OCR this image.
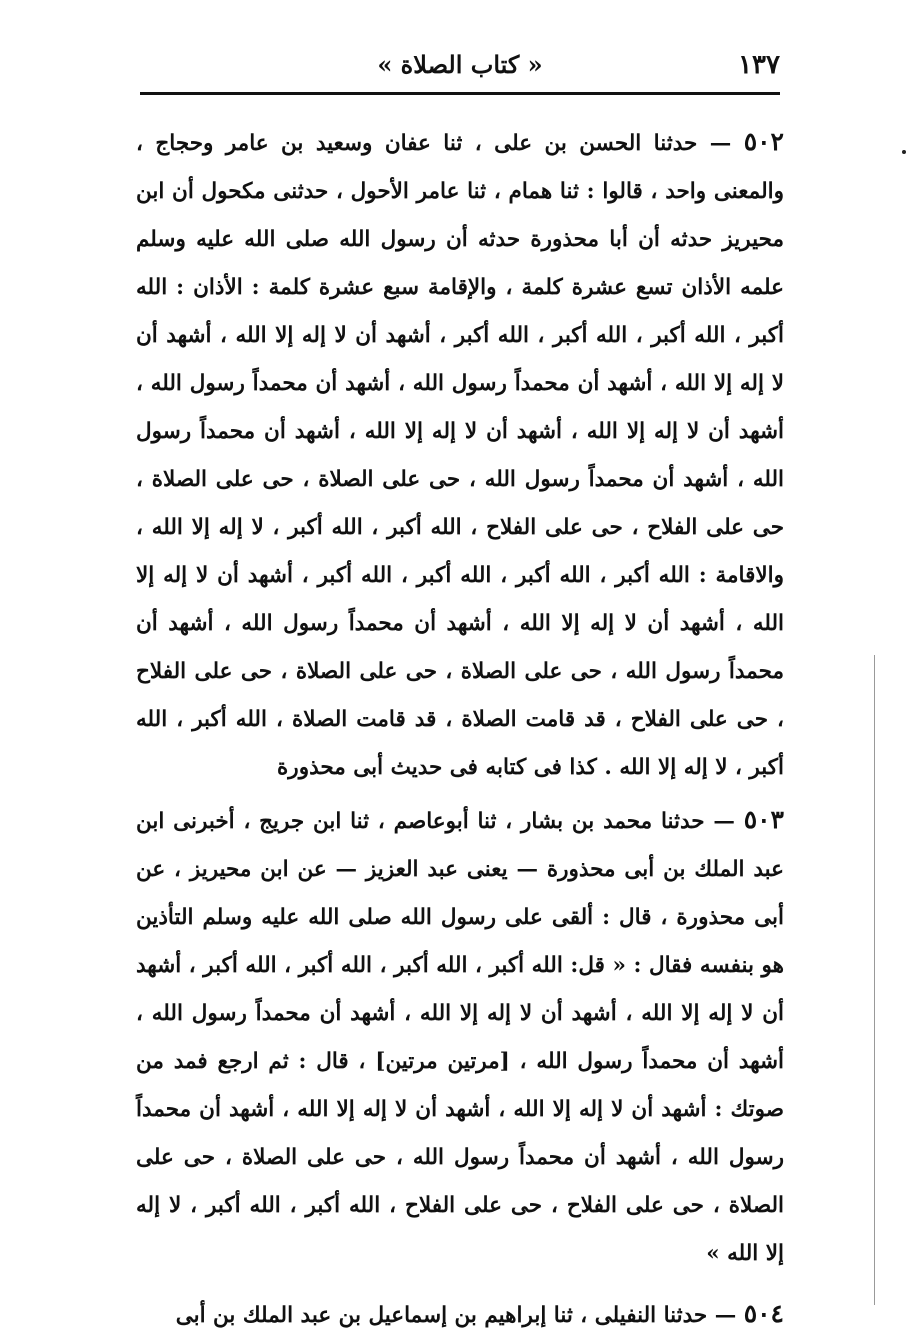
١٣٧
« كتاب الصلاة »

٥٠٢ — حدثنا الحسن بن على ، ثنا عفان وسعيد بن عامر وحجاج ، والمعنى واحد ، قالوا : ثنا همام ، ثنا عامر الأحول ، حدثنى مكحول أن ابن محيريز حدثه أن أبا محذورة حدثه أن رسول الله صلى الله عليه وسلم علمه الأذان تسع عشرة كلمة ، والإقامة سبع عشرة كلمة : الأذان : الله أكبر ، الله أكبر ، الله أكبر ، الله أكبر ، أشهد أن لا إله إلا الله ، أشهد أن لا إله إلا الله ، أشهد أن محمداً رسول الله ، أشهد أن محمداً رسول الله ، أشهد أن لا إله إلا الله ، أشهد أن لا إله إلا الله ، أشهد أن محمداً رسول الله ، أشهد أن محمداً رسول الله ، حى على الصلاة ، حى على الصلاة ، حى على الفلاح ، حى على الفلاح ، الله أكبر ، الله أكبر ، لا إله إلا الله ، والاقامة : الله أكبر ، الله أكبر ، الله أكبر ، الله أكبر ، أشهد أن لا إله إلا الله ، أشهد أن لا إله إلا الله ، أشهد أن محمداً رسول الله ، أشهد أن محمداً رسول الله ، حى على الصلاة ، حى على الصلاة ، حى على الفلاح ، حى على الفلاح ، قد قامت الصلاة ، قد قامت الصلاة ، الله أكبر ، الله أكبر ، لا إله إلا الله . كذا فى كتابه فى حديث أبى محذورة

٥٠٣ — حدثنا محمد بن بشار ، ثنا أبوعاصم ، ثنا ابن جريج ، أخبرنى ابن عبد الملك بن أبى محذورة — يعنى عبد العزيز — عن ابن محيريز ، عن أبى محذورة ، قال : ألقى على رسول الله صلى الله عليه وسلم التأذين هو بنفسه فقال : « قل: الله أكبر ، الله أكبر ، الله أكبر ، الله أكبر ، أشهد أن لا إله إلا الله ، أشهد أن لا إله إلا الله ، أشهد أن محمداً رسول الله ، أشهد أن محمداً رسول الله ، [مرتين مرتين] ، قال : ثم ارجع فمد من صوتك : أشهد أن لا إله إلا الله ، أشهد أن لا إله إلا الله ، أشهد أن محمداً رسول الله ، أشهد أن محمداً رسول الله ، حى على الصلاة ، حى على الصلاة ، حى على الفلاح ، حى على الفلاح ، الله أكبر ، الله أكبر ، لا إله إلا الله »

٥٠٤ — حدثنا النفيلى ، ثنا إبراهيم بن إسماعيل بن عبد الملك بن أبى
